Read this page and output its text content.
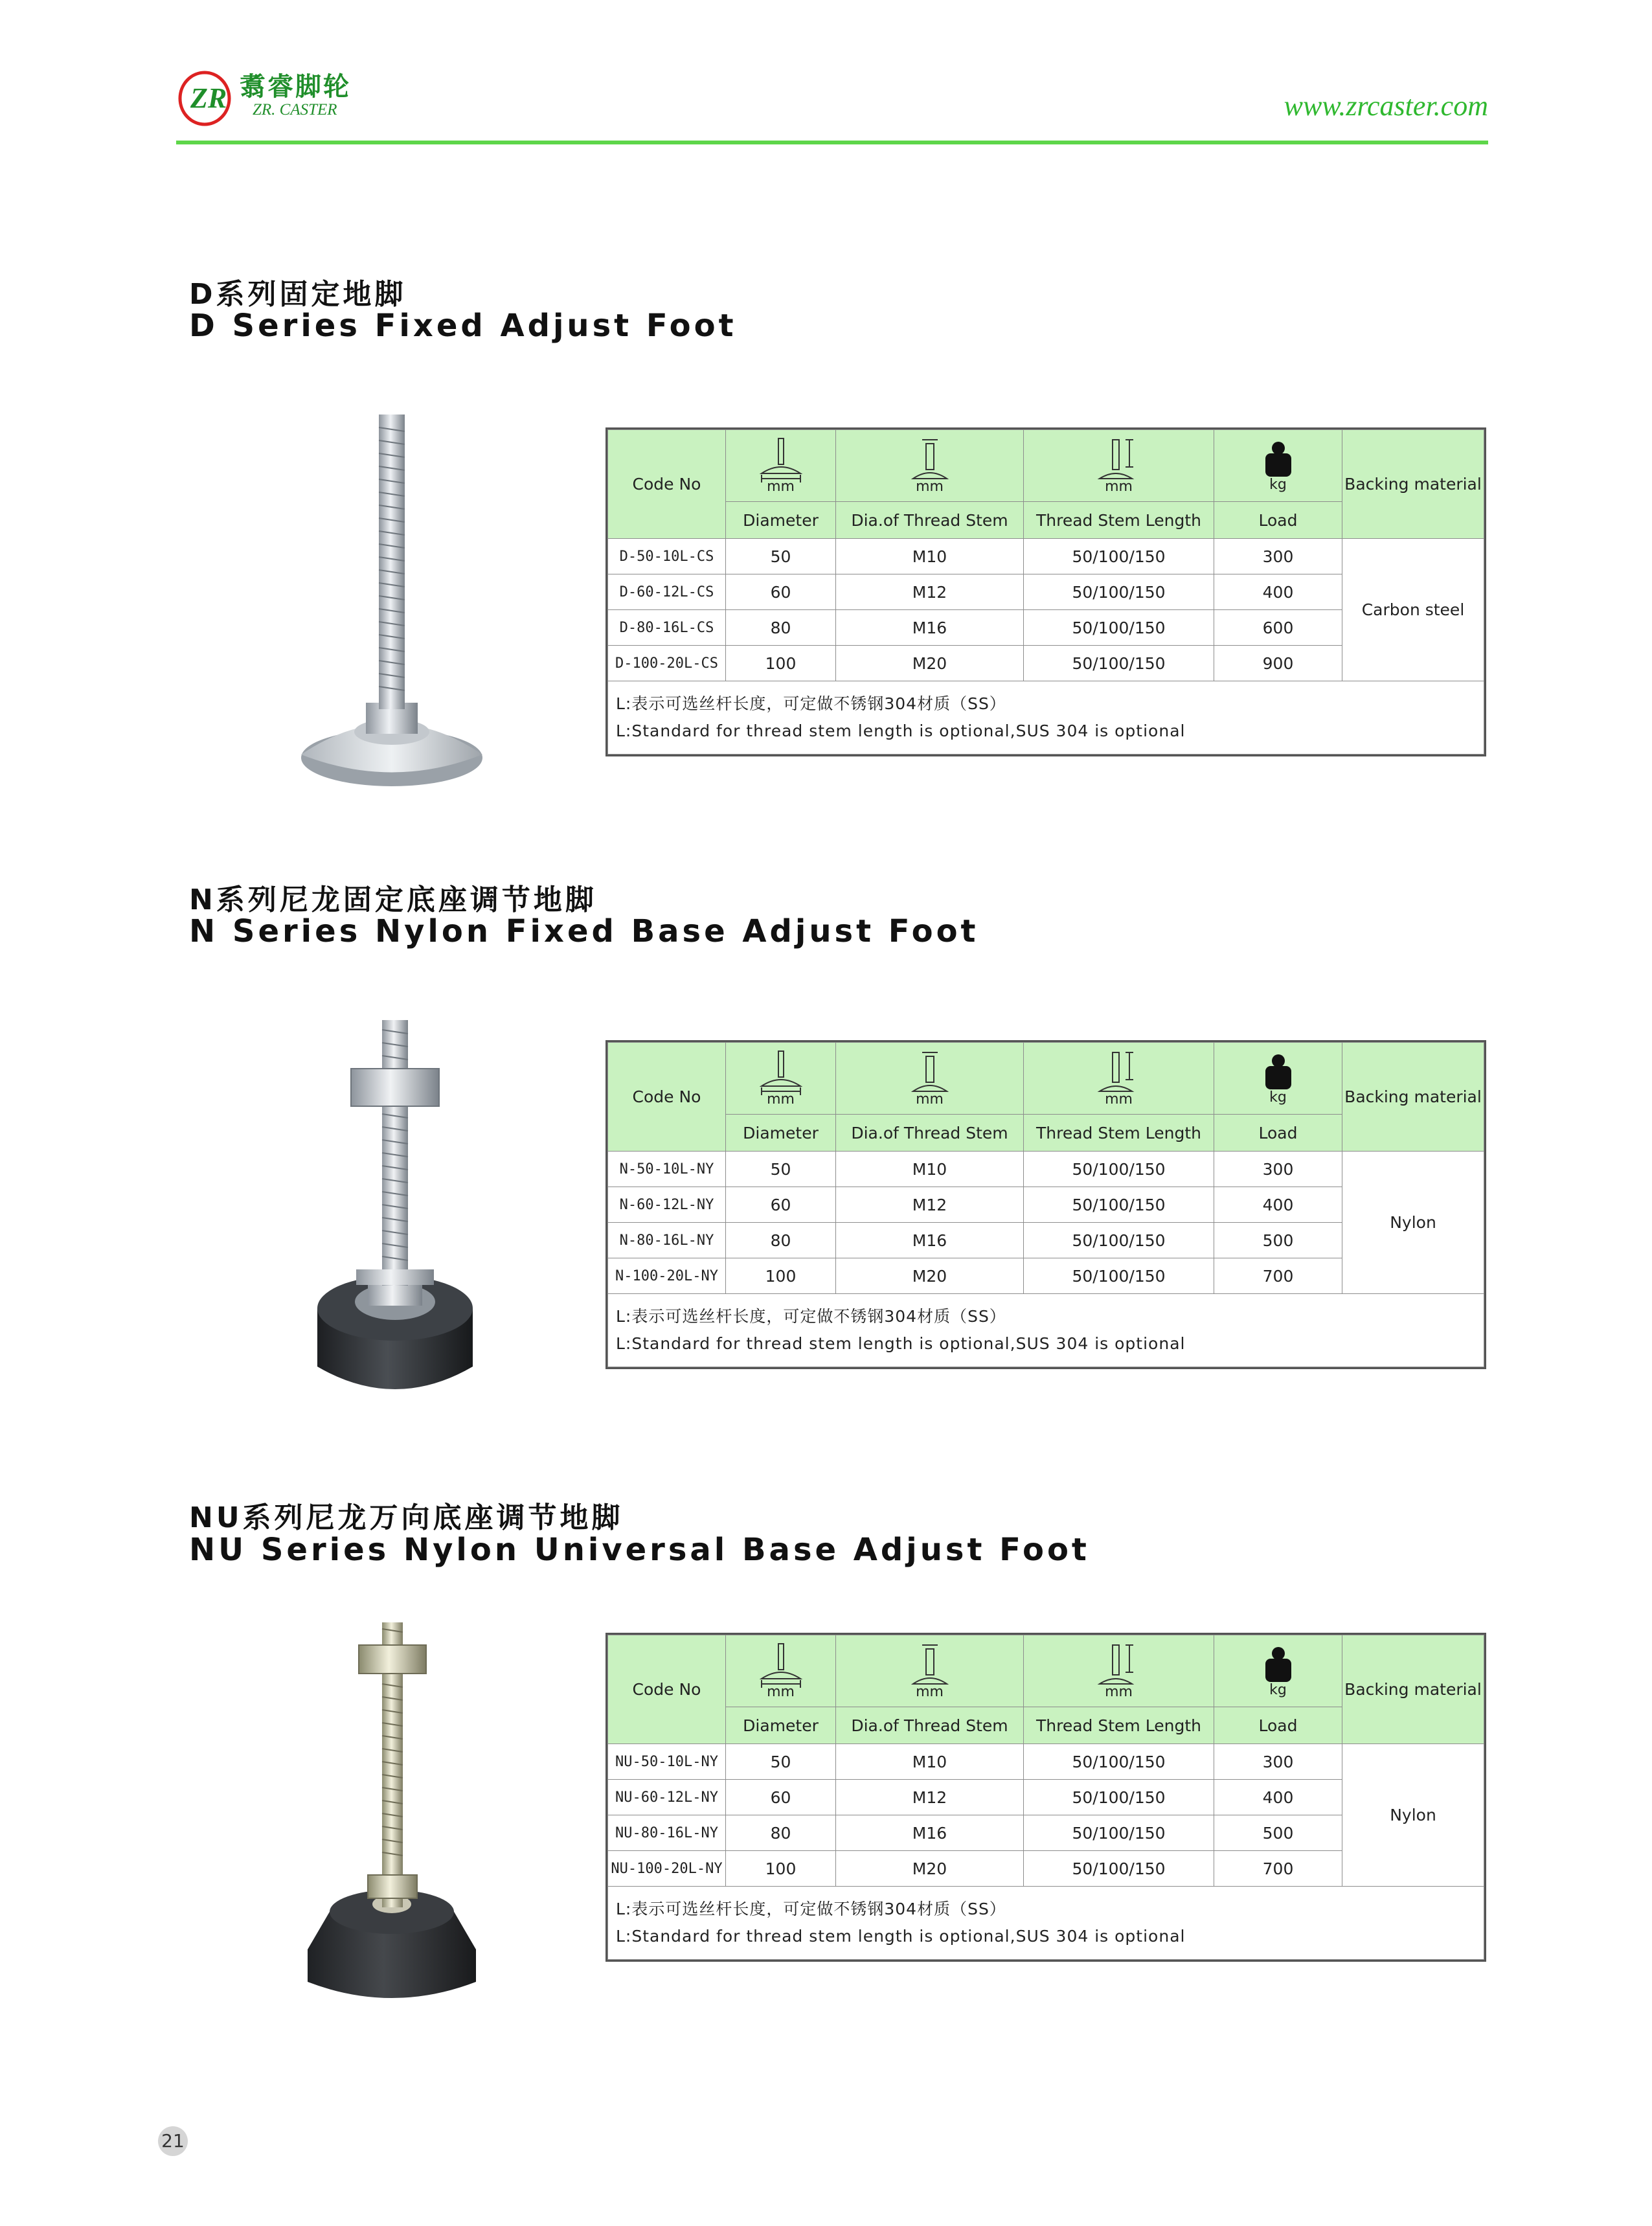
ZR 翥睿脚轮
ZR. CASTER	www.zrcaster.com
D系列固定地脚
D Series Fixed Adjust Foot
Code No	mm	mm	mm	kg	Backing material
	Diameter	Dia.of Thread Stem	Thread Stem Length	Load	
D-50-10L-CS	50	M10	50/100/150	300	Carbon steel
D-60-12L-CS	60	M12	50/100/150	400	
D-80-16L-CS	80	M16	50/100/150	600	
D-100-20L-CS	100	M20	50/100/150	900	

L:表示可选丝杆长度，可定做不锈钢304材质（SS）
L:Standard for thread stem length is optional,SUS 304 is optional					
N系列尼龙固定底座调节地脚
N Series Nylon Fixed Base Adjust Foot
Code No	mm	mm	mm	kg	Backing material
	Diameter	Dia.of Thread Stem	Thread Stem Length	Load	
N-50-10L-NY	50	M10	50/100/150	300	Nylon
N-60-12L-NY	60	M12	50/100/150	400	
N-80-16L-NY	80	M16	50/100/150	500	
N-100-20L-NY	100	M20	50/100/150	700	

L:表示可选丝杆长度，可定做不锈钢304材质（SS）
L:Standard for thread stem length is optional,SUS 304 is optional					
NU系列尼龙万向底座调节地脚
NU Series Nylon Universal Base Adjust Foot
Code No	mm	mm	mm	kg	Backing material
	Diameter	Dia.of Thread Stem	Thread Stem Length	Load	
NU-50-10L-NY	50	M10	50/100/150	300	Nylon
NU-60-12L-NY	60	M12	50/100/150	400	
NU-80-16L-NY	80	M16	50/100/150	500	
NU-100-20L-NY	100	M20	50/100/150	700	

L:表示可选丝杆长度，可定做不锈钢304材质（SS）
L:Standard for thread stem length is optional,SUS 304 is optional					
21
